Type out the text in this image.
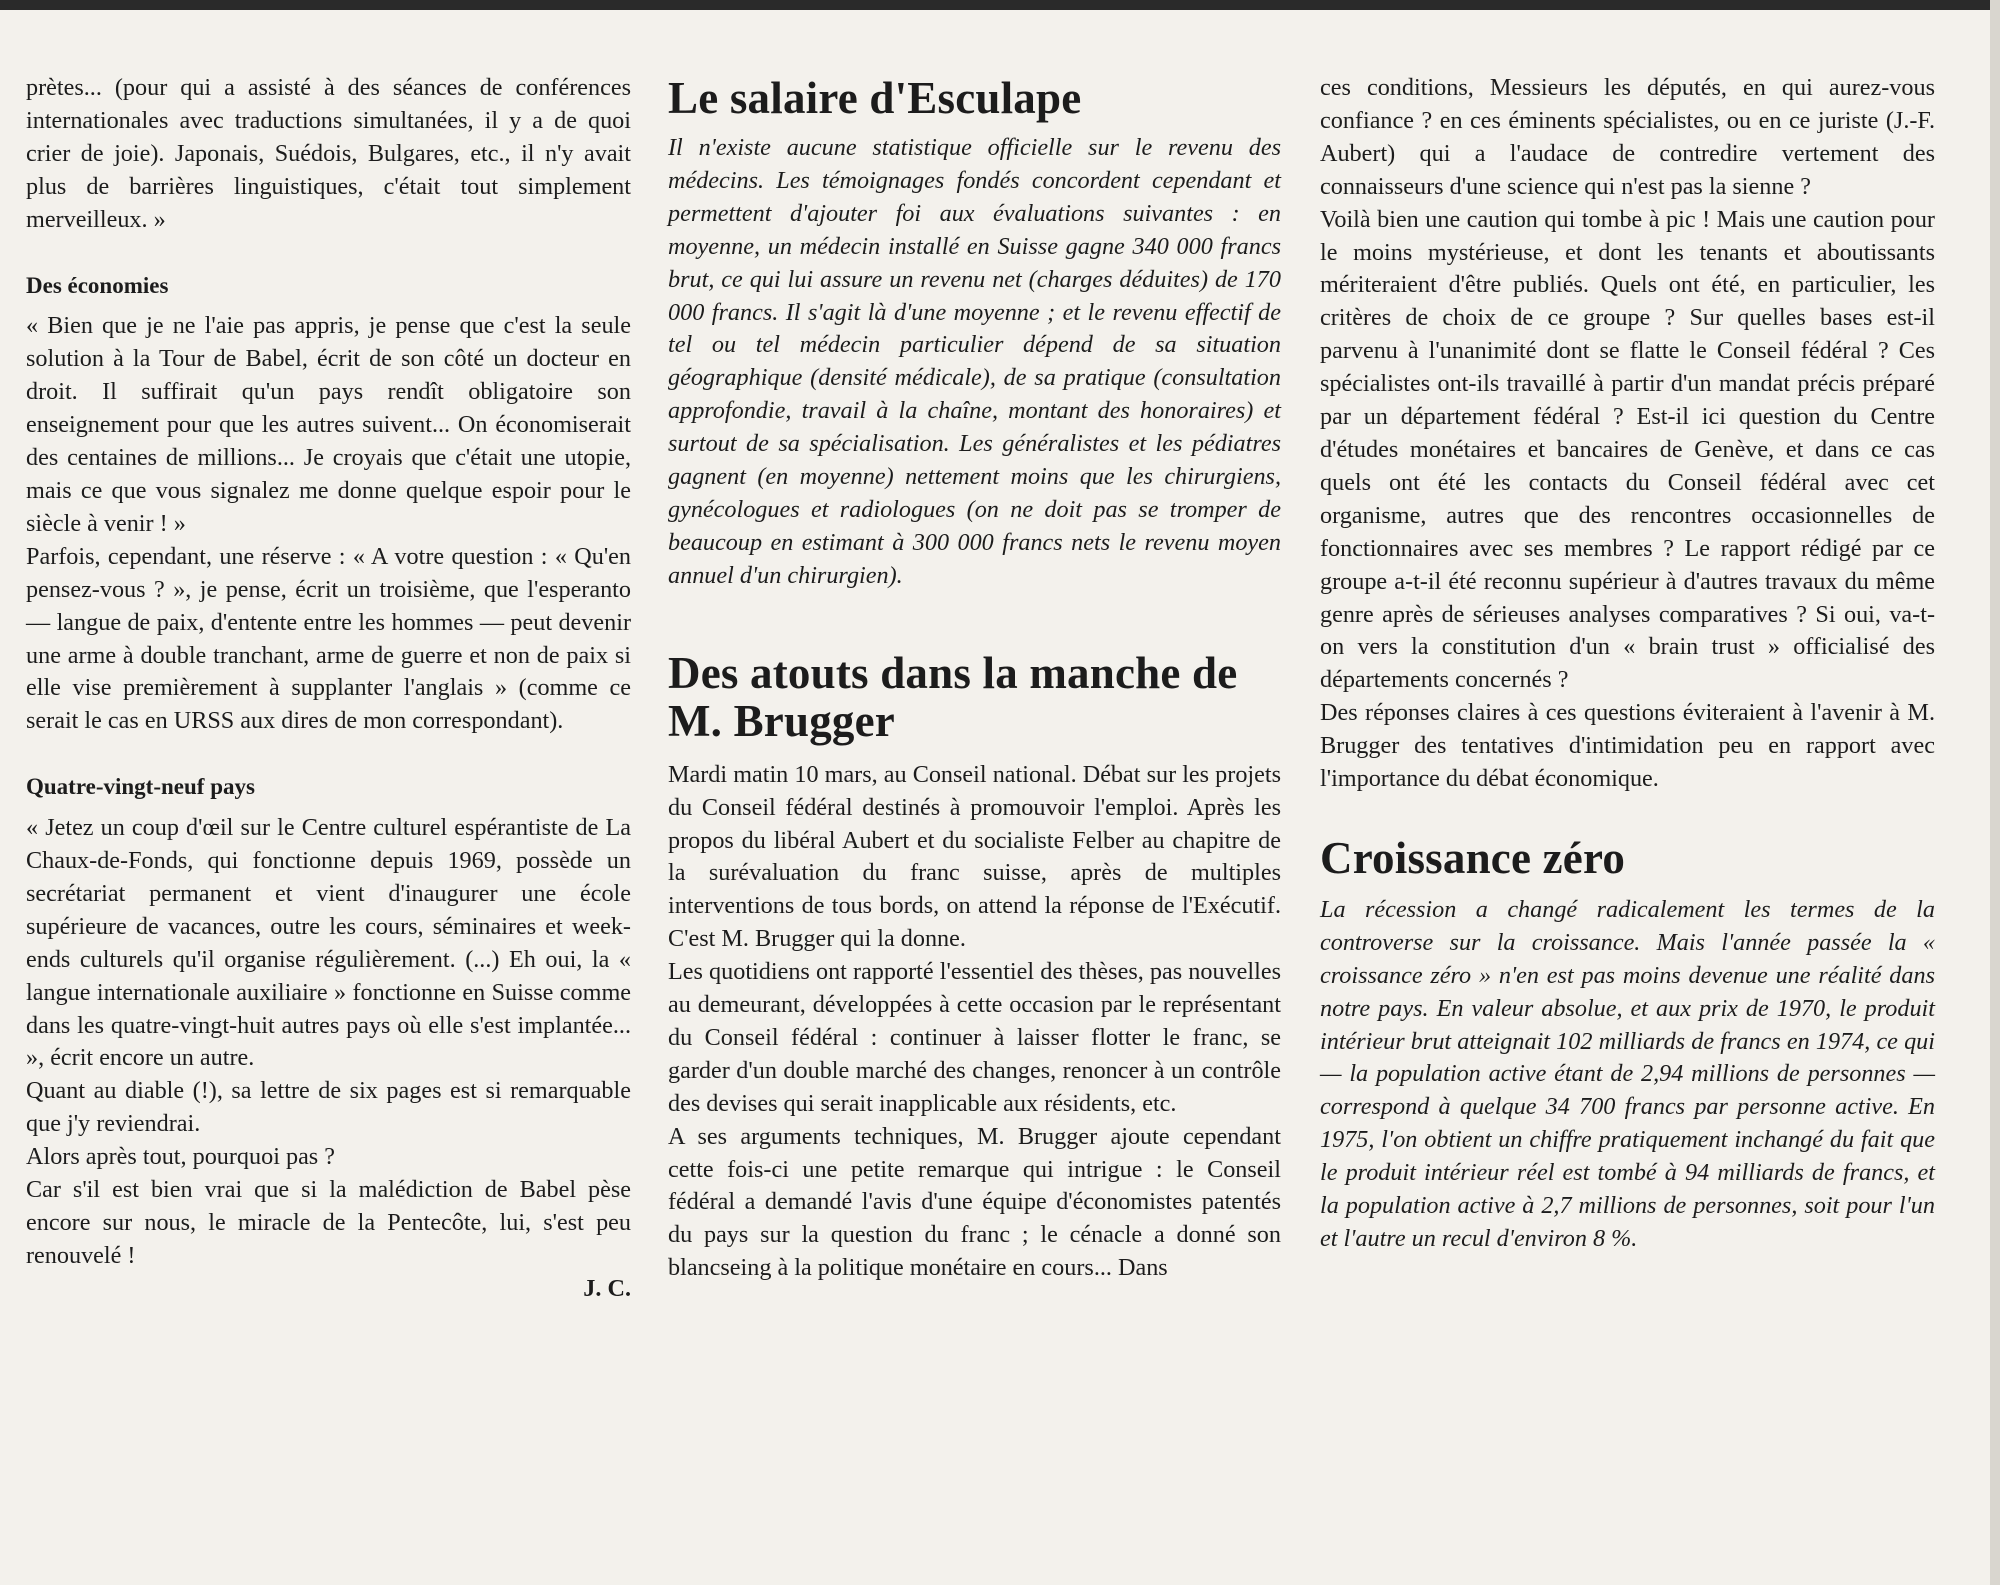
prètes... (pour qui a assisté à des séances de conférences internationales avec traductions simultanées, il y a de quoi crier de joie). Japonais, Suédois, Bulgares, etc., il n'y avait plus de barrières linguistiques, c'était tout simplement merveilleux. »

Des économies

« Bien que je ne l'aie pas appris, je pense que c'est la seule solution à la Tour de Babel, écrit de son côté un docteur en droit. Il suffirait qu'un pays rendît obligatoire son enseignement pour que les autres suivent... On économiserait des centaines de millions... Je croyais que c'était une utopie, mais ce que vous signalez me donne quelque espoir pour le siècle à venir ! »

Parfois, cependant, une réserve : « A votre question : « Qu'en pensez-vous ? », je pense, écrit un troisième, que l'esperanto — langue de paix, d'entente entre les hommes — peut devenir une arme à double tranchant, arme de guerre et non de paix si elle vise premièrement à supplanter l'anglais » (comme ce serait le cas en URSS aux dires de mon correspondant).

Quatre-vingt-neuf pays

« Jetez un coup d'œil sur le Centre culturel espérantiste de La Chaux-de-Fonds, qui fonctionne depuis 1969, possède un secrétariat permanent et vient d'inaugurer une école supérieure de vacances, outre les cours, séminaires et week-ends culturels qu'il organise régulièrement. (...) Eh oui, la « langue internationale auxiliaire » fonctionne en Suisse comme dans les quatre-vingt-huit autres pays où elle s'est implantée... », écrit encore un autre.

Quant au diable (!), sa lettre de six pages est si remarquable que j'y reviendrai.

Alors après tout, pourquoi pas ?

Car s'il est bien vrai que si la malédiction de Babel pèse encore sur nous, le miracle de la Pentecôte, lui, s'est peu renouvelé !

J. C.

Le salaire d'Esculape

Il n'existe aucune statistique officielle sur le revenu des médecins. Les témoignages fondés concordent cependant et permettent d'ajouter foi aux évaluations suivantes : en moyenne, un médecin installé en Suisse gagne 340 000 francs brut, ce qui lui assure un revenu net (charges déduites) de 170 000 francs. Il s'agit là d'une moyenne ; et le revenu effectif de tel ou tel médecin particulier dépend de sa situation géographique (densité médicale), de sa pratique (consultation approfondie, travail à la chaîne, montant des honoraires) et surtout de sa spécialisation. Les généralistes et les pédiatres gagnent (en moyenne) nettement moins que les chirurgiens, gynécologues et radiologues (on ne doit pas se tromper de beaucoup en estimant à 300 000 francs nets le revenu moyen annuel d'un chirurgien).

Des atouts dans la manche de M. Brugger

Mardi matin 10 mars, au Conseil national. Débat sur les projets du Conseil fédéral destinés à promouvoir l'emploi. Après les propos du libéral Aubert et du socialiste Felber au chapitre de la surévaluation du franc suisse, après de multiples interventions de tous bords, on attend la réponse de l'Exécutif. C'est M. Brugger qui la donne.

Les quotidiens ont rapporté l'essentiel des thèses, pas nouvelles au demeurant, développées à cette occasion par le représentant du Conseil fédéral : continuer à laisser flotter le franc, se garder d'un double marché des changes, renoncer à un contrôle des devises qui serait inapplicable aux résidents, etc.

A ses arguments techniques, M. Brugger ajoute cependant cette fois-ci une petite remarque qui intrigue : le Conseil fédéral a demandé l'avis d'une équipe d'économistes patentés du pays sur la question du franc ; le cénacle a donné son blancseing à la politique monétaire en cours... Dans

ces conditions, Messieurs les députés, en qui aurez-vous confiance ? en ces éminents spécialistes, ou en ce juriste (J.-F. Aubert) qui a l'audace de contredire vertement des connaisseurs d'une science qui n'est pas la sienne ?

Voilà bien une caution qui tombe à pic ! Mais une caution pour le moins mystérieuse, et dont les tenants et aboutissants mériteraient d'être publiés. Quels ont été, en particulier, les critères de choix de ce groupe ? Sur quelles bases est-il parvenu à l'unanimité dont se flatte le Conseil fédéral ? Ces spécialistes ont-ils travaillé à partir d'un mandat précis préparé par un département fédéral ? Est-il ici question du Centre d'études monétaires et bancaires de Genève, et dans ce cas quels ont été les contacts du Conseil fédéral avec cet organisme, autres que des rencontres occasionnelles de fonctionnaires avec ses membres ? Le rapport rédigé par ce groupe a-t-il été reconnu supérieur à d'autres travaux du même genre après de sérieuses analyses comparatives ? Si oui, va-t-on vers la constitution d'un « brain trust » officialisé des départements concernés ?

Des réponses claires à ces questions éviteraient à l'avenir à M. Brugger des tentatives d'intimidation peu en rapport avec l'importance du débat économique.

Croissance zéro

La récession a changé radicalement les termes de la controverse sur la croissance. Mais l'année passée la « croissance zéro » n'en est pas moins devenue une réalité dans notre pays. En valeur absolue, et aux prix de 1970, le produit intérieur brut atteignait 102 milliards de francs en 1974, ce qui — la population active étant de 2,94 millions de personnes — correspond à quelque 34 700 francs par personne active. En 1975, l'on obtient un chiffre pratiquement inchangé du fait que le produit intérieur réel est tombé à 94 milliards de francs, et la population active à 2,7 millions de personnes, soit pour l'un et l'autre un recul d'environ 8 %.
